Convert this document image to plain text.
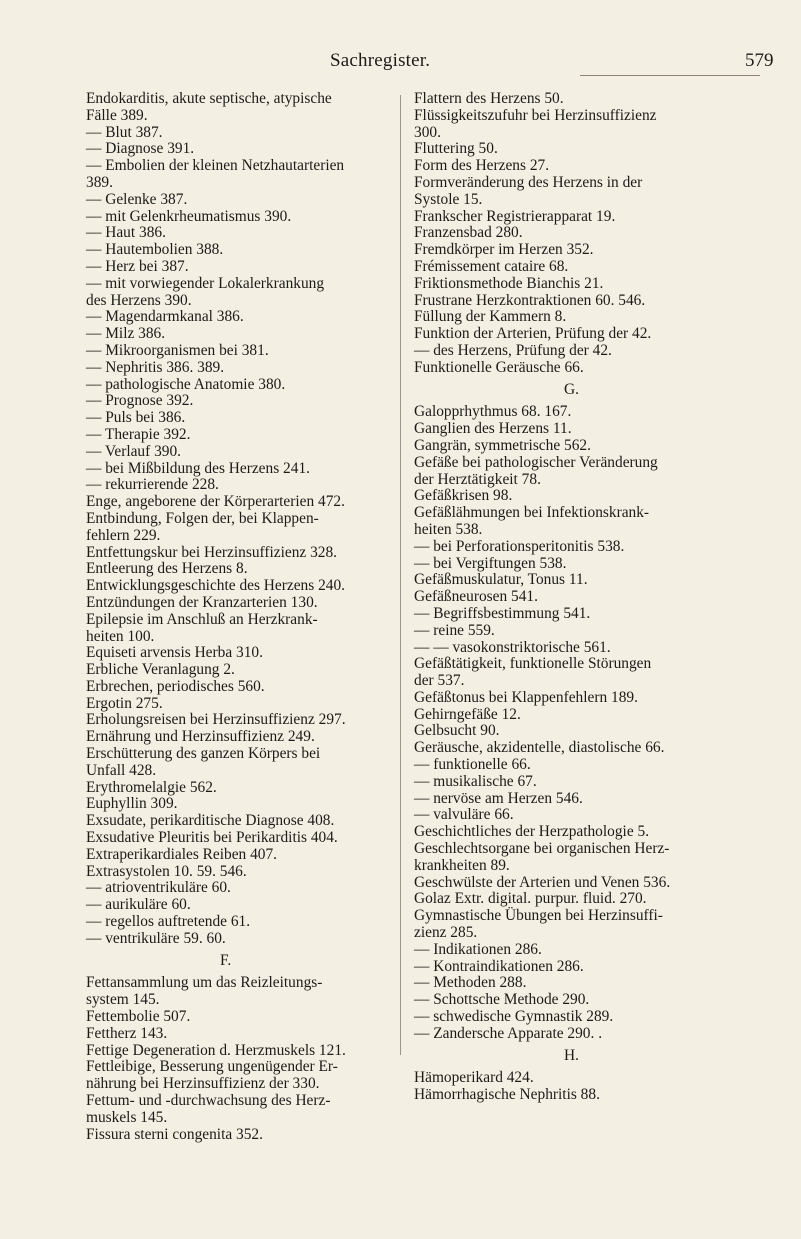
Sachregister.	579
Endokarditis, akute septische, atypische
Fälle 389.
— Blut 387.
— Diagnose 391.
— Embolien der kleinen Netzhautarterien
389.
— Gelenke 387.
— mit Gelenkrheumatismus 390.
— Haut 386.
— Hautembolien 388.
— Herz bei 387.
— mit vorwiegender Lokalerkrankung
des Herzens 390.
— Magendarmkanal 386.
— Milz 386.
— Mikroorganismen bei 381.
— Nephritis 386. 389.
— pathologische Anatomie 380.
— Prognose 392.
— Puls bei 386.
— Therapie 392.
— Verlauf 390.
— bei Mißbildung des Herzens 241.
— rekurrierende 228.
Enge, angeborene der Körperarterien 472.
Entbindung, Folgen der, bei Klappen-
fehlern 229.
Entfettungskur bei Herzinsuffizienz 328.
Entleerung des Herzens 8.
Entwicklungsgeschichte des Herzens 240.
Entzündungen der Kranzarterien 130.
Epilepsie im Anschluß an Herzkrank-
heiten 100.
Equiseti arvensis Herba 310.
Erbliche Veranlagung 2.
Erbrechen, periodisches 560.
Ergotin 275.
Erholungsreisen bei Herzinsuffizienz 297.
Ernährung und Herzinsuffizienz 249.
Erschütterung des ganzen Körpers bei
Unfall 428.
Erythromelalgie 562.
Euphyllin 309.
Exsudate, perikarditische Diagnose 408.
Exsudative Pleuritis bei Perikarditis 404.
Extraperikardiales Reiben 407.
Extrasystolen 10. 59. 546.
— atrioventrikuläre 60.
— aurikuläre 60.
— regellos auftretende 61.
— ventrikuläre 59. 60.
F.
Fettansammlung um das Reizleitungs-
system 145.
Fettembolie 507.
Fettherz 143.
Fettige Degeneration d. Herzmuskels 121.
Fettleibige, Besserung ungenügender Er-
nährung bei Herzinsuffizienz der 330.
Fettum- und -durchwachsung des Herz-
muskels 145.
Fissura sterni congenita 352.
Flattern des Herzens 50.
Flüssigkeitszufuhr bei Herzinsuffizienz
300.
Fluttering 50.
Form des Herzens 27.
Formveränderung des Herzens in der
Systole 15.
Frankscher Registrierapparat 19.
Franzensbad 280.
Fremdkörper im Herzen 352.
Frémissement cataire 68.
Friktionsmethode Bianchis 21.
Frustrane Herzkontraktionen 60. 546.
Füllung der Kammern 8.
Funktion der Arterien, Prüfung der 42.
— des Herzens, Prüfung der 42.
Funktionelle Geräusche 66.
G.
Galopprhythmus 68. 167.
Ganglien des Herzens 11.
Gangrän, symmetrische 562.
Gefäße bei pathologischer Veränderung
der Herztätigkeit 78.
Gefäßkrisen 98.
Gefäßlähmungen bei Infektionskrank-
heiten 538.
— bei Perforationsperitonitis 538.
— bei Vergiftungen 538.
Gefäßmuskulatur, Tonus 11.
Gefäßneurosen 541.
— Begriffsbestimmung 541.
— reine 559.
— — vasokonstriktorische 561.
Gefäßtätigkeit, funktionelle Störungen
der 537.
Gefäßtonus bei Klappenfehlern 189.
Gehirngefäße 12.
Gelbsucht 90.
Geräusche, akzidentelle, diastolische 66.
— funktionelle 66.
— musikalische 67.
— nervöse am Herzen 546.
— valvuläre 66.
Geschichtliches der Herzpathologie 5.
Geschlechtsorgane bei organischen Herz-
krankheiten 89.
Geschwülste der Arterien und Venen 536.
Golaz Extr. digital. purpur. fluid. 270.
Gymnastische Übungen bei Herzinsuffi-
zienz 285.
— Indikationen 286.
— Kontraindikationen 286.
— Methoden 288.
— Schottsche Methode 290.
— schwedische Gymnastik 289.
— Zandersche Apparate 290. .
H.
Hämoperikard 424.
Hämorrhagische Nephritis 88.
